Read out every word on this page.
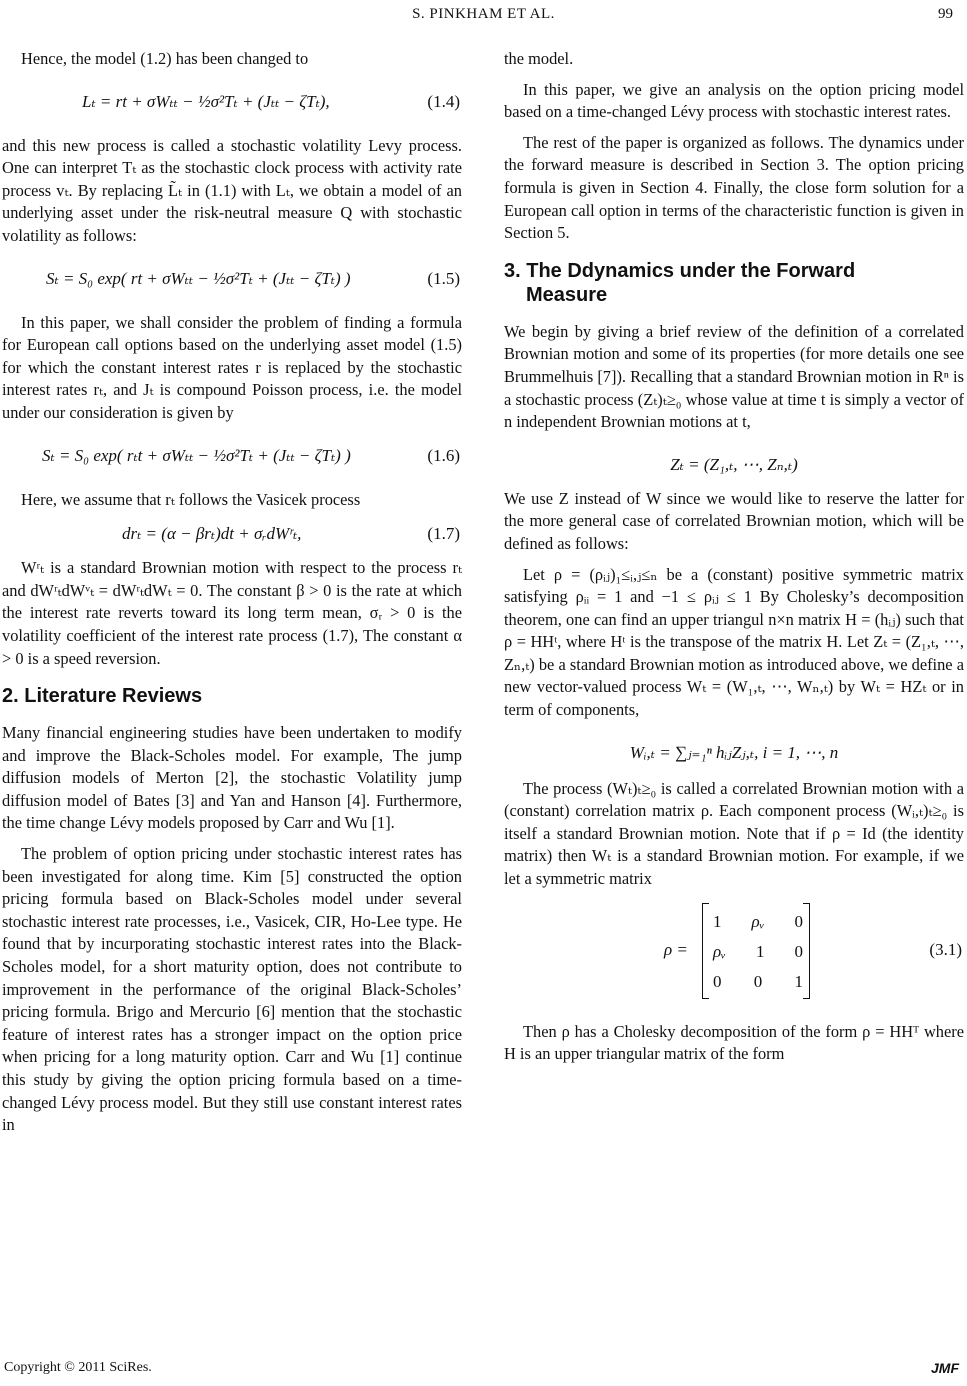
S. PINKHAM ET AL.	99

Hence, the model (1.2) has been changed to

Lₜ = rt + σWₜₜ − ½σ²Tₜ + (Jₜₜ − ζTₜ),	(1.4)

and this new process is called a stochastic volatility Levy process. One can interpret Tₜ as the stochastic clock process with activity rate process vₜ. By replacing L̃ₜ in (1.1) with Lₜ, we obtain a model of an underlying asset under the risk-neutral measure Q with stochastic volatility as follows:

Sₜ = S₀ exp( rt + σWₜₜ − ½σ²Tₜ + (Jₜₜ − ζTₜ) )	(1.5)

In this paper, we shall consider the problem of finding a formula for European call options based on the underlying asset model (1.5) for which the constant interest rates r is replaced by the stochastic interest rates rₜ, and Jₜ is compound Poisson process, i.e. the model under our consideration is given by

Sₜ = S₀ exp( rₜt + σWₜₜ − ½σ²Tₜ + (Jₜₜ − ζTₜ) )	(1.6)

Here, we assume that rₜ follows the Vasicek process

drₜ = (α − βrₜ)dt + σᵣdWʳₜ,	(1.7)

Wʳₜ is a standard Brownian motion with respect to the process rₜ and dWʳₜdWᵛₜ = dWʳₜdWₜ = 0. The constant β > 0 is the rate at which the interest rate reverts toward its long term mean, σᵣ > 0 is the volatility coefficient of the interest rate process (1.7), The constant α > 0 is a speed reversion.

2. Literature Reviews

Many financial engineering studies have been undertaken to modify and improve the Black-Scholes model. For example, The jump diffusion models of Merton [2], the stochastic Volatility jump diffusion model of Bates [3] and Yan and Hanson [4]. Furthermore, the time change Lévy models proposed by Carr and Wu [1].

The problem of option pricing under stochastic interest rates has been investigated for along time. Kim [5] constructed the option pricing formula based on Black-Scholes model under several stochastic interest rate processes, i.e., Vasicek, CIR, Ho-Lee type. He found that by incurporating stochastic interest rates into the Black-Scholes model, for a short maturity option, does not contribute to improvement in the performance of the original Black-Scholes’ pricing formula. Brigo and Mercurio [6] mention that the stochastic feature of interest rates has a stronger impact on the option price when pricing for a long maturity option. Carr and Wu [1] continue this study by giving the option pricing formula based on a time-changed Lévy process model. But they still use constant interest rates in

the model.

In this paper, we give an analysis on the option pricing model based on a time-changed Lévy process with stochastic interest rates.

The rest of the paper is organized as follows. The dynamics under the forward measure is described in Section 3. The option pricing formula is given in Section 4. Finally, the close form solution for a European call option in terms of the characteristic function is given in Section 5.

3. The Ddynamics under the Forward
Measure

We begin by giving a brief review of the definition of a correlated Brownian motion and some of its properties (for more details one see Brummelhuis [7]). Recalling that a standard Brownian motion in Rⁿ is a stochastic process (Zₜ)ₜ≥₀ whose value at time t is simply a vector of n independent Brownian motions at t,

Zₜ = (Z₁,ₜ, ⋯, Zₙ,ₜ)

We use Z instead of W since we would like to reserve the latter for the more general case of correlated Brownian motion, which will be defined as follows:

Let ρ = (ρᵢⱼ)₁≤ᵢ,ⱼ≤ₙ be a (constant) positive symmetric matrix satisfying ρᵢᵢ = 1 and −1 ≤ ρᵢⱼ ≤ 1 By Cholesky’s decomposition theorem, one can find an upper triangul n×n matrix H = (hᵢⱼ) such that ρ = HHᵗ, where Hᵗ is the transpose of the matrix H. Let Zₜ = (Z₁,ₜ, ⋯, Zₙ,ₜ) be a standard Brownian motion as introduced above, we define a new vector-valued process Wₜ = (W₁,ₜ, ⋯, Wₙ,ₜ) by Wₜ = HZₜ or in term of components,

Wᵢ,ₜ = ∑ⱼ₌₁ⁿ hᵢⱼZⱼ,ₜ, i = 1, ⋯, n

The process (Wₜ)ₜ≥₀ is called a correlated Brownian motion with a (constant) correlation matrix ρ. Each component process (Wᵢ,ₜ)ₜ≥₀ is itself a standard Brownian motion. Note that if ρ = Id (the identity matrix) then Wₜ is a standard Brownian motion. For example, if we let a symmetric matrix

ρ =
1 ρᵥ 0
ρᵥ 1 0
0 0 1
(3.1)

Then ρ has a Cholesky decomposition of the form ρ = HHᵀ where H is an upper triangular matrix of the form

Copyright © 2011 SciRes.	JMF
